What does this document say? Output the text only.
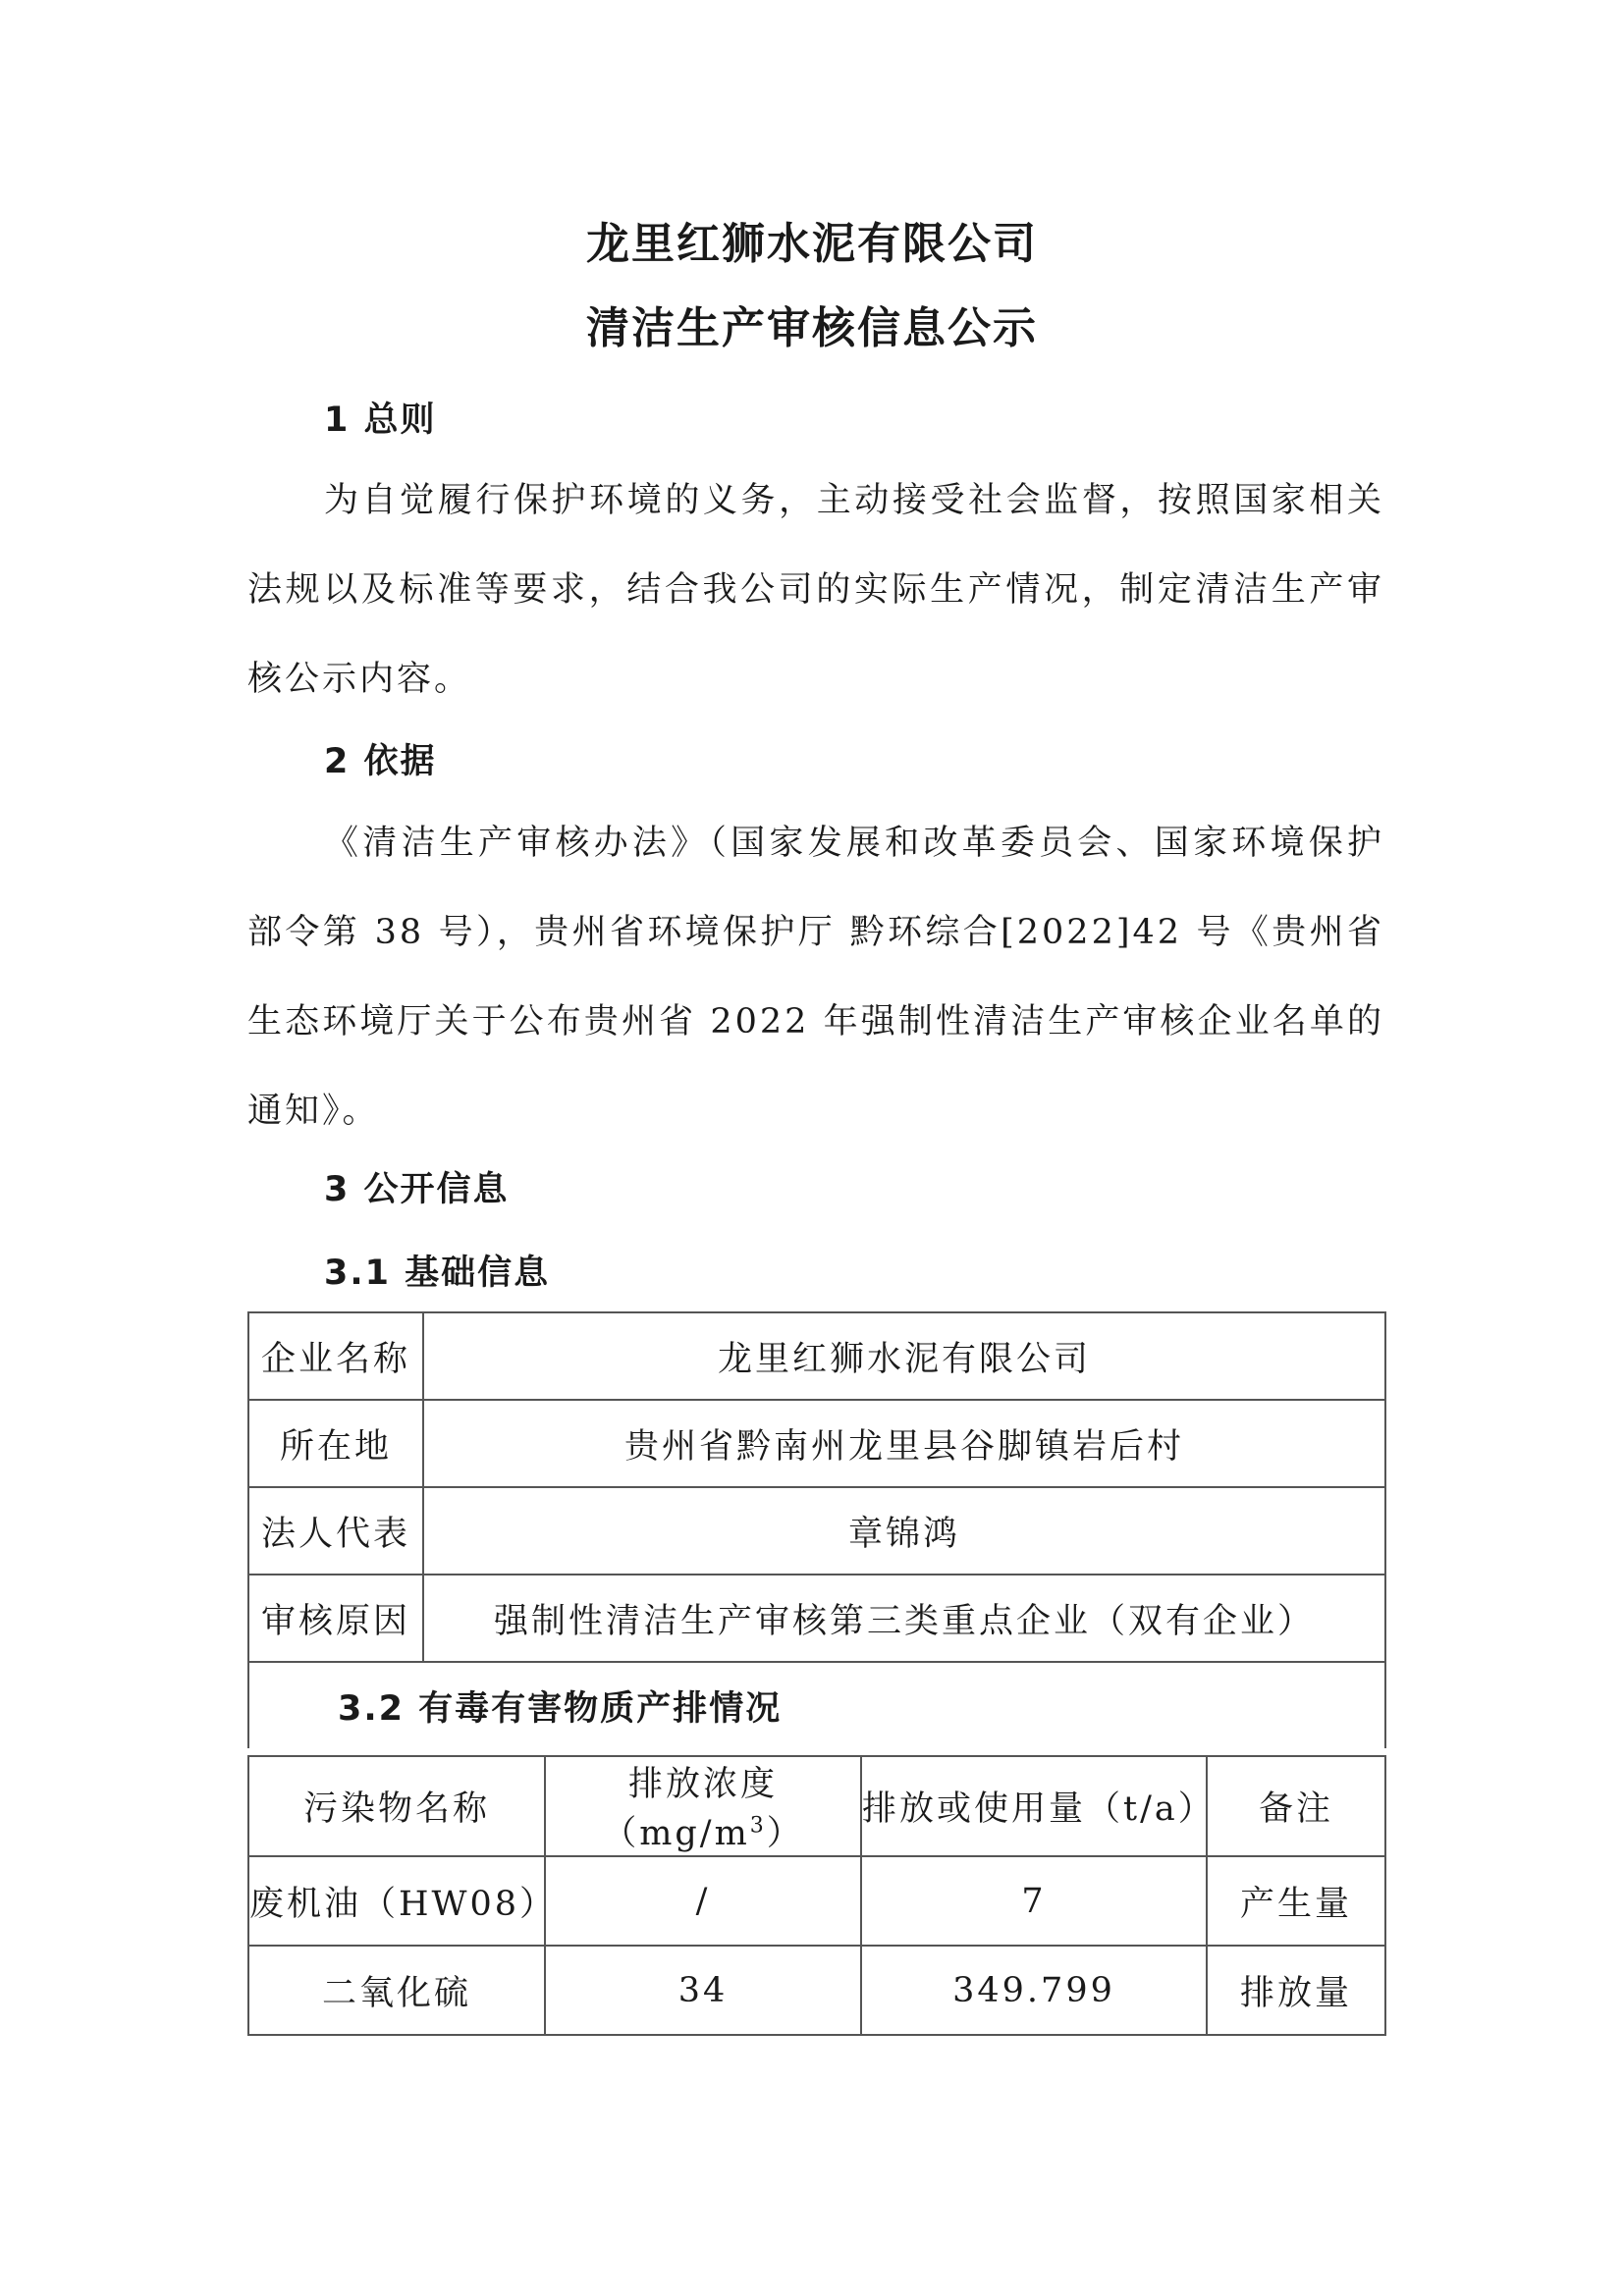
龙里红狮水泥有限公司
清洁生产审核信息公示
1 总则

为自觉履行保护环境的义务，主动接受社会监督，按照国家相关法规以及标准等要求，结合我公司的实际生产情况，制定清洁生产审核公示内容。

2 依据

《清洁生产审核办法》（国家发展和改革委员会、国家环境保护部令第 38 号），贵州省环境保护厅 黔环综合[2022]42 号《贵州省生态环境厅关于公布贵州省 2022 年强制性清洁生产审核企业名单的通知》。

3 公开信息
3.1 基础信息
企业名称	龙里红狮水泥有限公司
所在地	贵州省黔南州龙里县谷脚镇岩后村
法人代表	章锦鸿
审核原因	强制性清洁生产审核第三类重点企业（双有企业）
3.2 有毒有害物质产排情况	
污染物名称	排放浓度$(mg/m^3)$	排放或使用量（t/a）	备注
废机油（HW08）	/	7	产生量
二氧化硫	34	349.799	排放量
